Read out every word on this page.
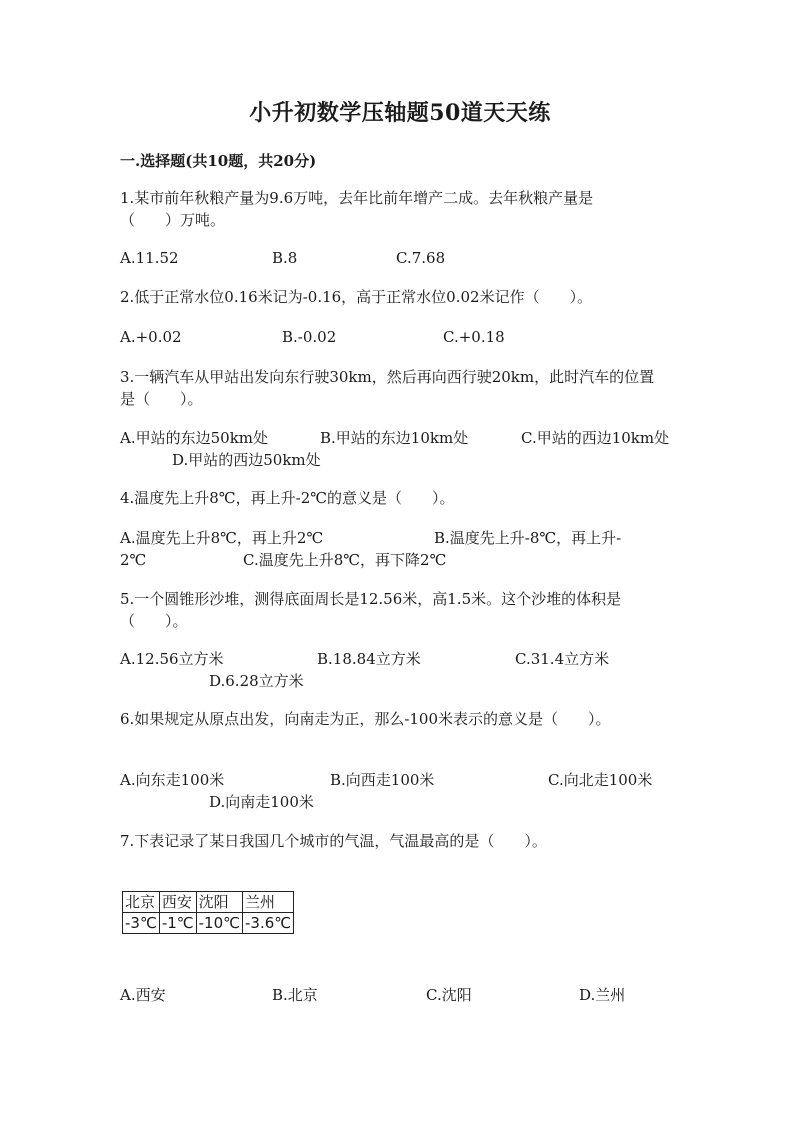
小升初数学压轴题50道天天练
一.选择题(共10题，共20分)
1.某市前年秋粮产量为9.6万吨，去年比前年增产二成。去年秋粮产量是
（　　）万吨。
A.11.52	B.8	C.7.68
2.低于正常水位0.16米记为-0.16，高于正常水位0.02米记作（　　）。
A.+0.02	B.-0.02	C.+0.18
3.一辆汽车从甲站出发向东行驶30km，然后再向西行驶20km，此时汽车的位置
是（　　）。
A.甲站的东边50km处	B.甲站的东边10km处	C.甲站的西边10km处
D.甲站的西边50km处
4.温度先上升8℃，再上升-2℃的意义是（　　）。
A.温度先上升8℃，再上升2℃	B.温度先上升-8℃，再上升-
2℃	C.温度先上升8℃，再下降2℃
5.一个圆锥形沙堆，测得底面周长是12.56米，高1.5米。这个沙堆的体积是
（　　）。
A.12.56立方米	B.18.84立方米	C.31.4立方米
D.6.28立方米
6.如果规定从原点出发，向南走为正，那么-100米表示的意义是（　　）。
A.向东走100米	B.向西走100米	C.向北走100米
D.向南走100米
7.下表记录了某日我国几个城市的气温，气温最高的是（　　）。
北京	西安	沈阳	兰州
-3℃	-1℃	-10℃	-3.6℃
A.西安	B.北京	C.沈阳	D.兰州
